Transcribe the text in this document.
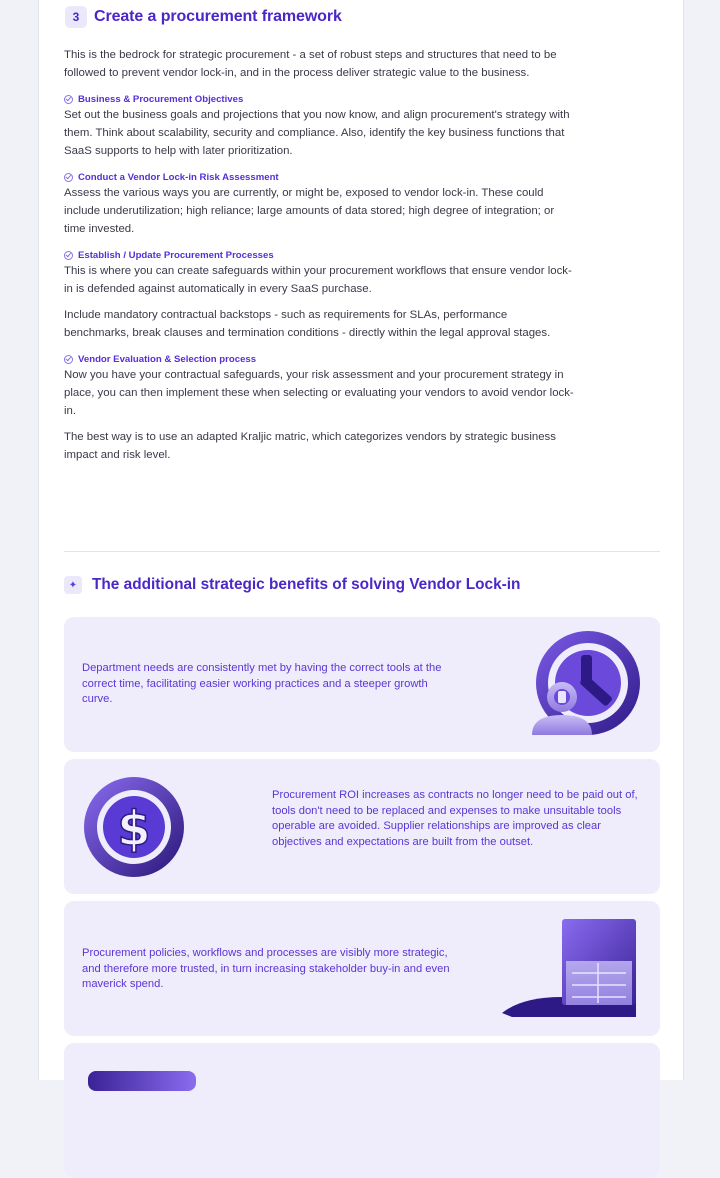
3 Create a procurement framework

This is the bedrock for strategic procurement - a set of robust steps and structures that need to be followed to prevent vendor lock-in, and in the process deliver strategic value to the business.

Business & Procurement Objectives

Set out the business goals and projections that you now know, and align procurement's strategy with them. Think about scalability, security and compliance. Also, identify the key business functions that SaaS supports to help with later prioritization.

Conduct a Vendor Lock-in Risk Assessment

Assess the various ways you are currently, or might be, exposed to vendor lock-in. These could include underutilization; high reliance; large amounts of data stored; high degree of integration; or time invested.

Establish / Update Procurement Processes

This is where you can create safeguards within your procurement workflows that ensure vendor lock-in is defended against automatically in every SaaS purchase.

Include mandatory contractual backstops - such as requirements for SLAs, performance benchmarks, break clauses and termination conditions - directly within the legal approval stages.

Vendor Evaluation & Selection process

Now you have your contractual safeguards, your risk assessment and your procurement strategy in place, you can then implement these when selecting or evaluating your vendors to avoid vendor lock-in.

The best way is to use an adapted Kraljic matric, which categorizes vendors by strategic business impact and risk level.

✦ The additional strategic benefits of solving Vendor Lock-in
Department needs are consistently met by having the correct tools at the correct time, facilitating easier working practices and a steeper growth curve.
$
Procurement ROI increases as contracts no longer need to be paid out of, tools don't need to be replaced and expenses to make unsuitable tools operable are avoided. Supplier relationships are improved as clear objectives and expectations are built from the outset.
Procurement policies, workflows and processes are visibly more strategic, and therefore more trusted, in turn increasing stakeholder buy-in and even maverick spend.
